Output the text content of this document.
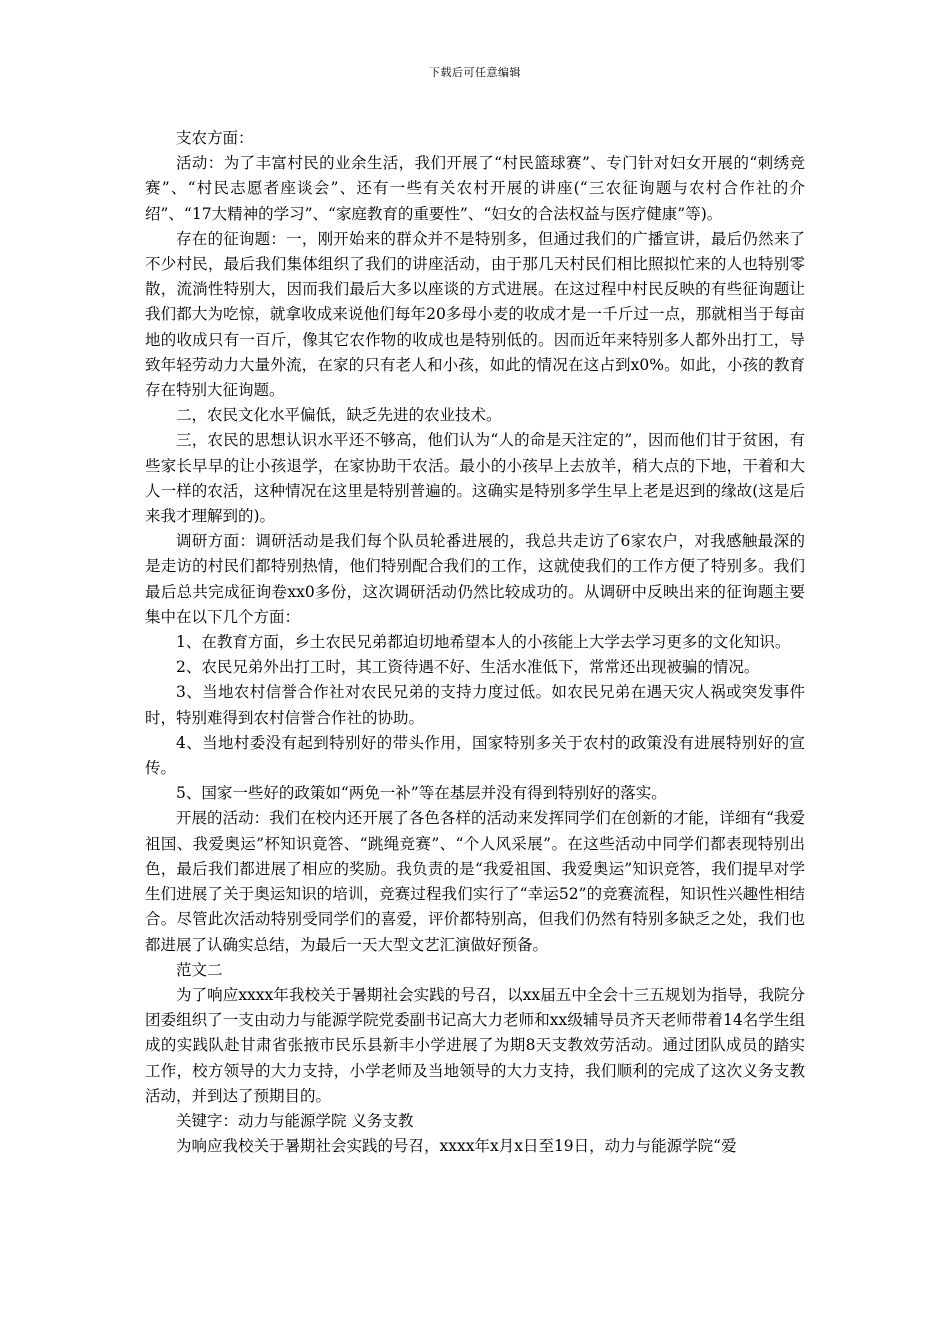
下载后可任意编辑

支农方面：

活动：为了丰富村民的业余生活，我们开展了“村民篮球赛”、专门针对妇女开展的“刺绣竞赛”、“村民志愿者座谈会”、还有一些有关农村开展的讲座(“三农征询题与农村合作社的介绍”、“17大精神的学习”、“家庭教育的重要性”、“妇女的合法权益与医疗健康”等)。

存在的征询题：一，刚开始来的群众并不是特别多，但通过我们的广播宣讲，最后仍然来了不少村民，最后我们集体组织了我们的讲座活动，由于那几天村民们相比照拟忙来的人也特别零散，流淌性特别大，因而我们最后大多以座谈的方式进展。在这过程中村民反映的有些征询题让我们都大为吃惊，就拿收成来说他们每年20多母小麦的收成才是一千斤过一点，那就相当于每亩地的收成只有一百斤，像其它农作物的收成也是特别低的。因而近年来特别多人都外出打工，导致年轻劳动力大量外流，在家的只有老人和小孩，如此的情况在这占到x0%。如此，小孩的教育存在特别大征询题。

二，农民文化水平偏低，缺乏先进的农业技术。

三，农民的思想认识水平还不够高，他们认为“人的命是天注定的”，因而他们甘于贫困，有些家长早早的让小孩退学，在家协助干农活。最小的小孩早上去放羊，稍大点的下地，干着和大人一样的农活，这种情况在这里是特别普遍的。这确实是特别多学生早上老是迟到的缘故(这是后来我才理解到的)。

调研方面：调研活动是我们每个队员轮番进展的，我总共走访了6家农户，对我感触最深的是走访的村民们都特别热情，他们特别配合我们的工作，这就使我们的工作方便了特别多。我们最后总共完成征询卷xx0多份，这次调研活动仍然比较成功的。从调研中反映出来的征询题主要集中在以下几个方面：

1、在教育方面，乡土农民兄弟都迫切地希望本人的小孩能上大学去学习更多的文化知识。

2、农民兄弟外出打工时，其工资待遇不好、生活水准低下，常常还出现被骗的情况。

3、当地农村信誉合作社对农民兄弟的支持力度过低。如农民兄弟在遇天灾人祸或突发事件时，特别难得到农村信誉合作社的协助。

4、当地村委没有起到特别好的带头作用，国家特别多关于农村的政策没有进展特别好的宣传。

5、国家一些好的政策如“两免一补”等在基层并没有得到特别好的落实。

开展的活动：我们在校内还开展了各色各样的活动来发挥同学们在创新的才能，详细有“我爱祖国、我爱奥运”杯知识竟答、“跳绳竞赛”、“个人风采展”。在这些活动中同学们都表现特别出色，最后我们都进展了相应的奖励。我负责的是“我爱祖国、我爱奥运”知识竞答，我们提早对学生们进展了关于奥运知识的培训，竞赛过程我们实行了“幸运52”的竞赛流程，知识性兴趣性相结合。尽管此次活动特别受同学们的喜爱，评价都特别高，但我们仍然有特别多缺乏之处，我们也都进展了认确实总结，为最后一天大型文艺汇演做好预备。

范文二

为了响应xxxx年我校关于暑期社会实践的号召，以xx届五中全会十三五规划为指导，我院分团委组织了一支由动力与能源学院党委副书记高大力老师和xx级辅导员齐天老师带着14名学生组成的实践队赴甘肃省张掖市民乐县新丰小学进展了为期8天支教效劳活动。通过团队成员的踏实工作，校方领导的大力支持，小学老师及当地领导的大力支持，我们顺利的完成了这次义务支教活动，并到达了预期目的。

关键字：动力与能源学院 义务支教

为响应我校关于暑期社会实践的号召，xxxx年x月x日至19日，动力与能源学院“爱
